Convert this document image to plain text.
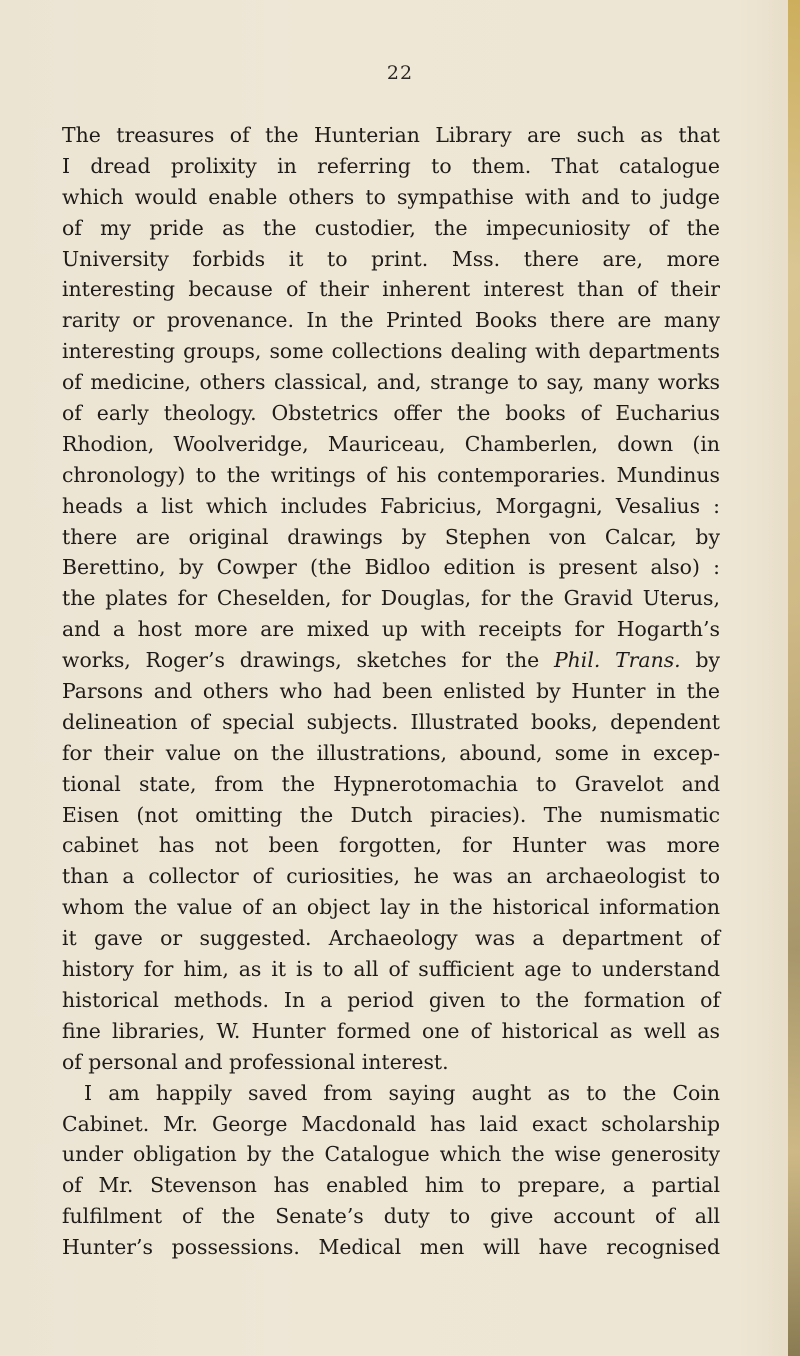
22
The treasures of the Hunterian Library are such as that
I dread prolixity in referring to them. That catalogue
which would enable others to sympathise with and to judge
of my pride as the custodier, the impecuniosity of the
University forbids it to print. Mss. there are, more
interesting because of their inherent interest than of their
rarity or provenance. In the Printed Books there are many
interesting groups, some collections dealing with departments
of medicine, others classical, and, strange to say, many works
of early theology. Obstetrics offer the books of Eucharius
Rhodion, Woolveridge, Mauriceau, Chamberlen, down (in
chronology) to the writings of his contemporaries. Mundinus
heads a list which includes Fabricius, Morgagni, Vesalius :
there are original drawings by Stephen von Calcar, by
Berettino, by Cowper (the Bidloo edition is present also) :
the plates for Cheselden, for Douglas, for the Gravid Uterus,
and a host more are mixed up with receipts for Hogarth’s
works, Roger’s drawings, sketches for the Phil. Trans. by
Parsons and others who had been enlisted by Hunter in the
delineation of special subjects. Illustrated books, dependent
for their value on the illustrations, abound, some in excep-
tional state, from the Hypnerotomachia to Gravelot and
Eisen (not omitting the Dutch piracies). The numismatic
cabinet has not been forgotten, for Hunter was more
than a collector of curiosities, he was an archaeologist to
whom the value of an object lay in the historical information
it gave or suggested. Archaeology was a department of
history for him, as it is to all of sufficient age to understand
historical methods. In a period given to the formation of
fine libraries, W. Hunter formed one of historical as well as
of personal and professional interest.
I am happily saved from saying aught as to the Coin
Cabinet. Mr. George Macdonald has laid exact scholarship
under obligation by the Catalogue which the wise generosity
of Mr. Stevenson has enabled him to prepare, a partial
fulfilment of the Senate’s duty to give account of all
Hunter’s possessions. Medical men will have recognised
